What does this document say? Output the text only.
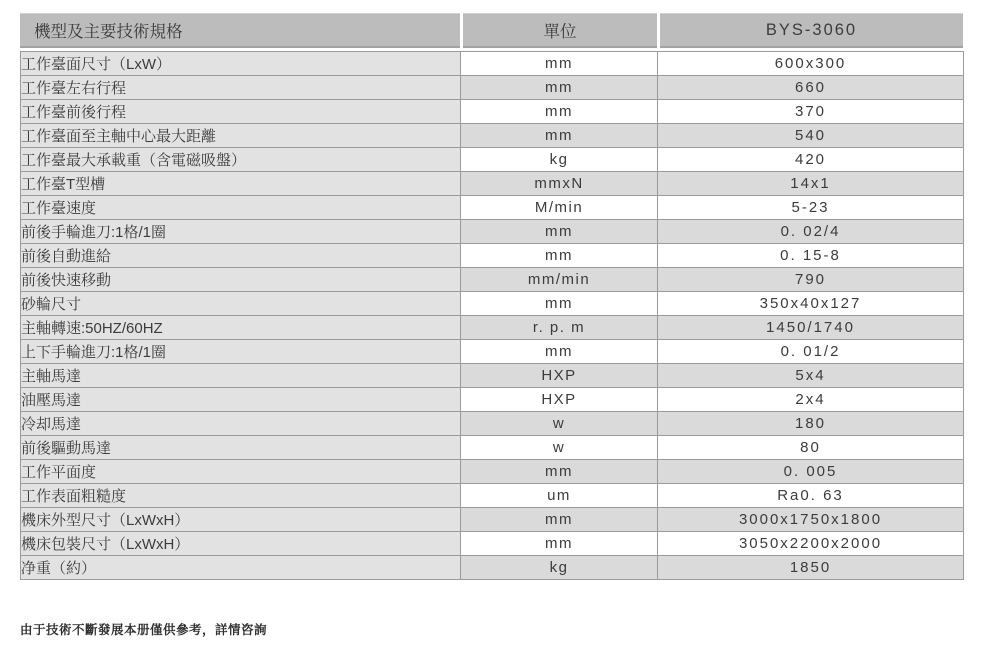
機型及主要技術規格	單位	BYS-3060
工作臺面尺寸（LxW）	mm	600x300
工作臺左右行程	mm	660
工作臺前後行程	mm	370
工作臺面至主軸中心最大距離	mm	540
工作臺最大承載重（含電磁吸盤）	kg	420
工作臺T型槽	mmxN	14x1
工作臺速度	M/min	5-23
前後手輪進刀:1格/1圈	mm	0. 02/4
前後自動進給	mm	0. 15-8
前後快速移動	mm/min	790
砂輪尺寸	mm	350x40x127
主軸轉速:50HZ/60HZ	r. p. m	1450/1740
上下手輪進刀:1格/1圈	mm	0. 01/2
主軸馬達	HXP	5x4
油壓馬達	HXP	2x4
冷却馬達	w	180
前後驅動馬達	w	80
工作平面度	mm	0. 005
工作表面粗糙度	um	Ra0. 63
機床外型尺寸（LxWxH）	mm	3000x1750x1800
機床包裝尺寸（LxWxH）	mm	3050x2200x2000
净重（約）	kg	1850
由于技術不斷發展本册僅供參考，詳情咨詢
